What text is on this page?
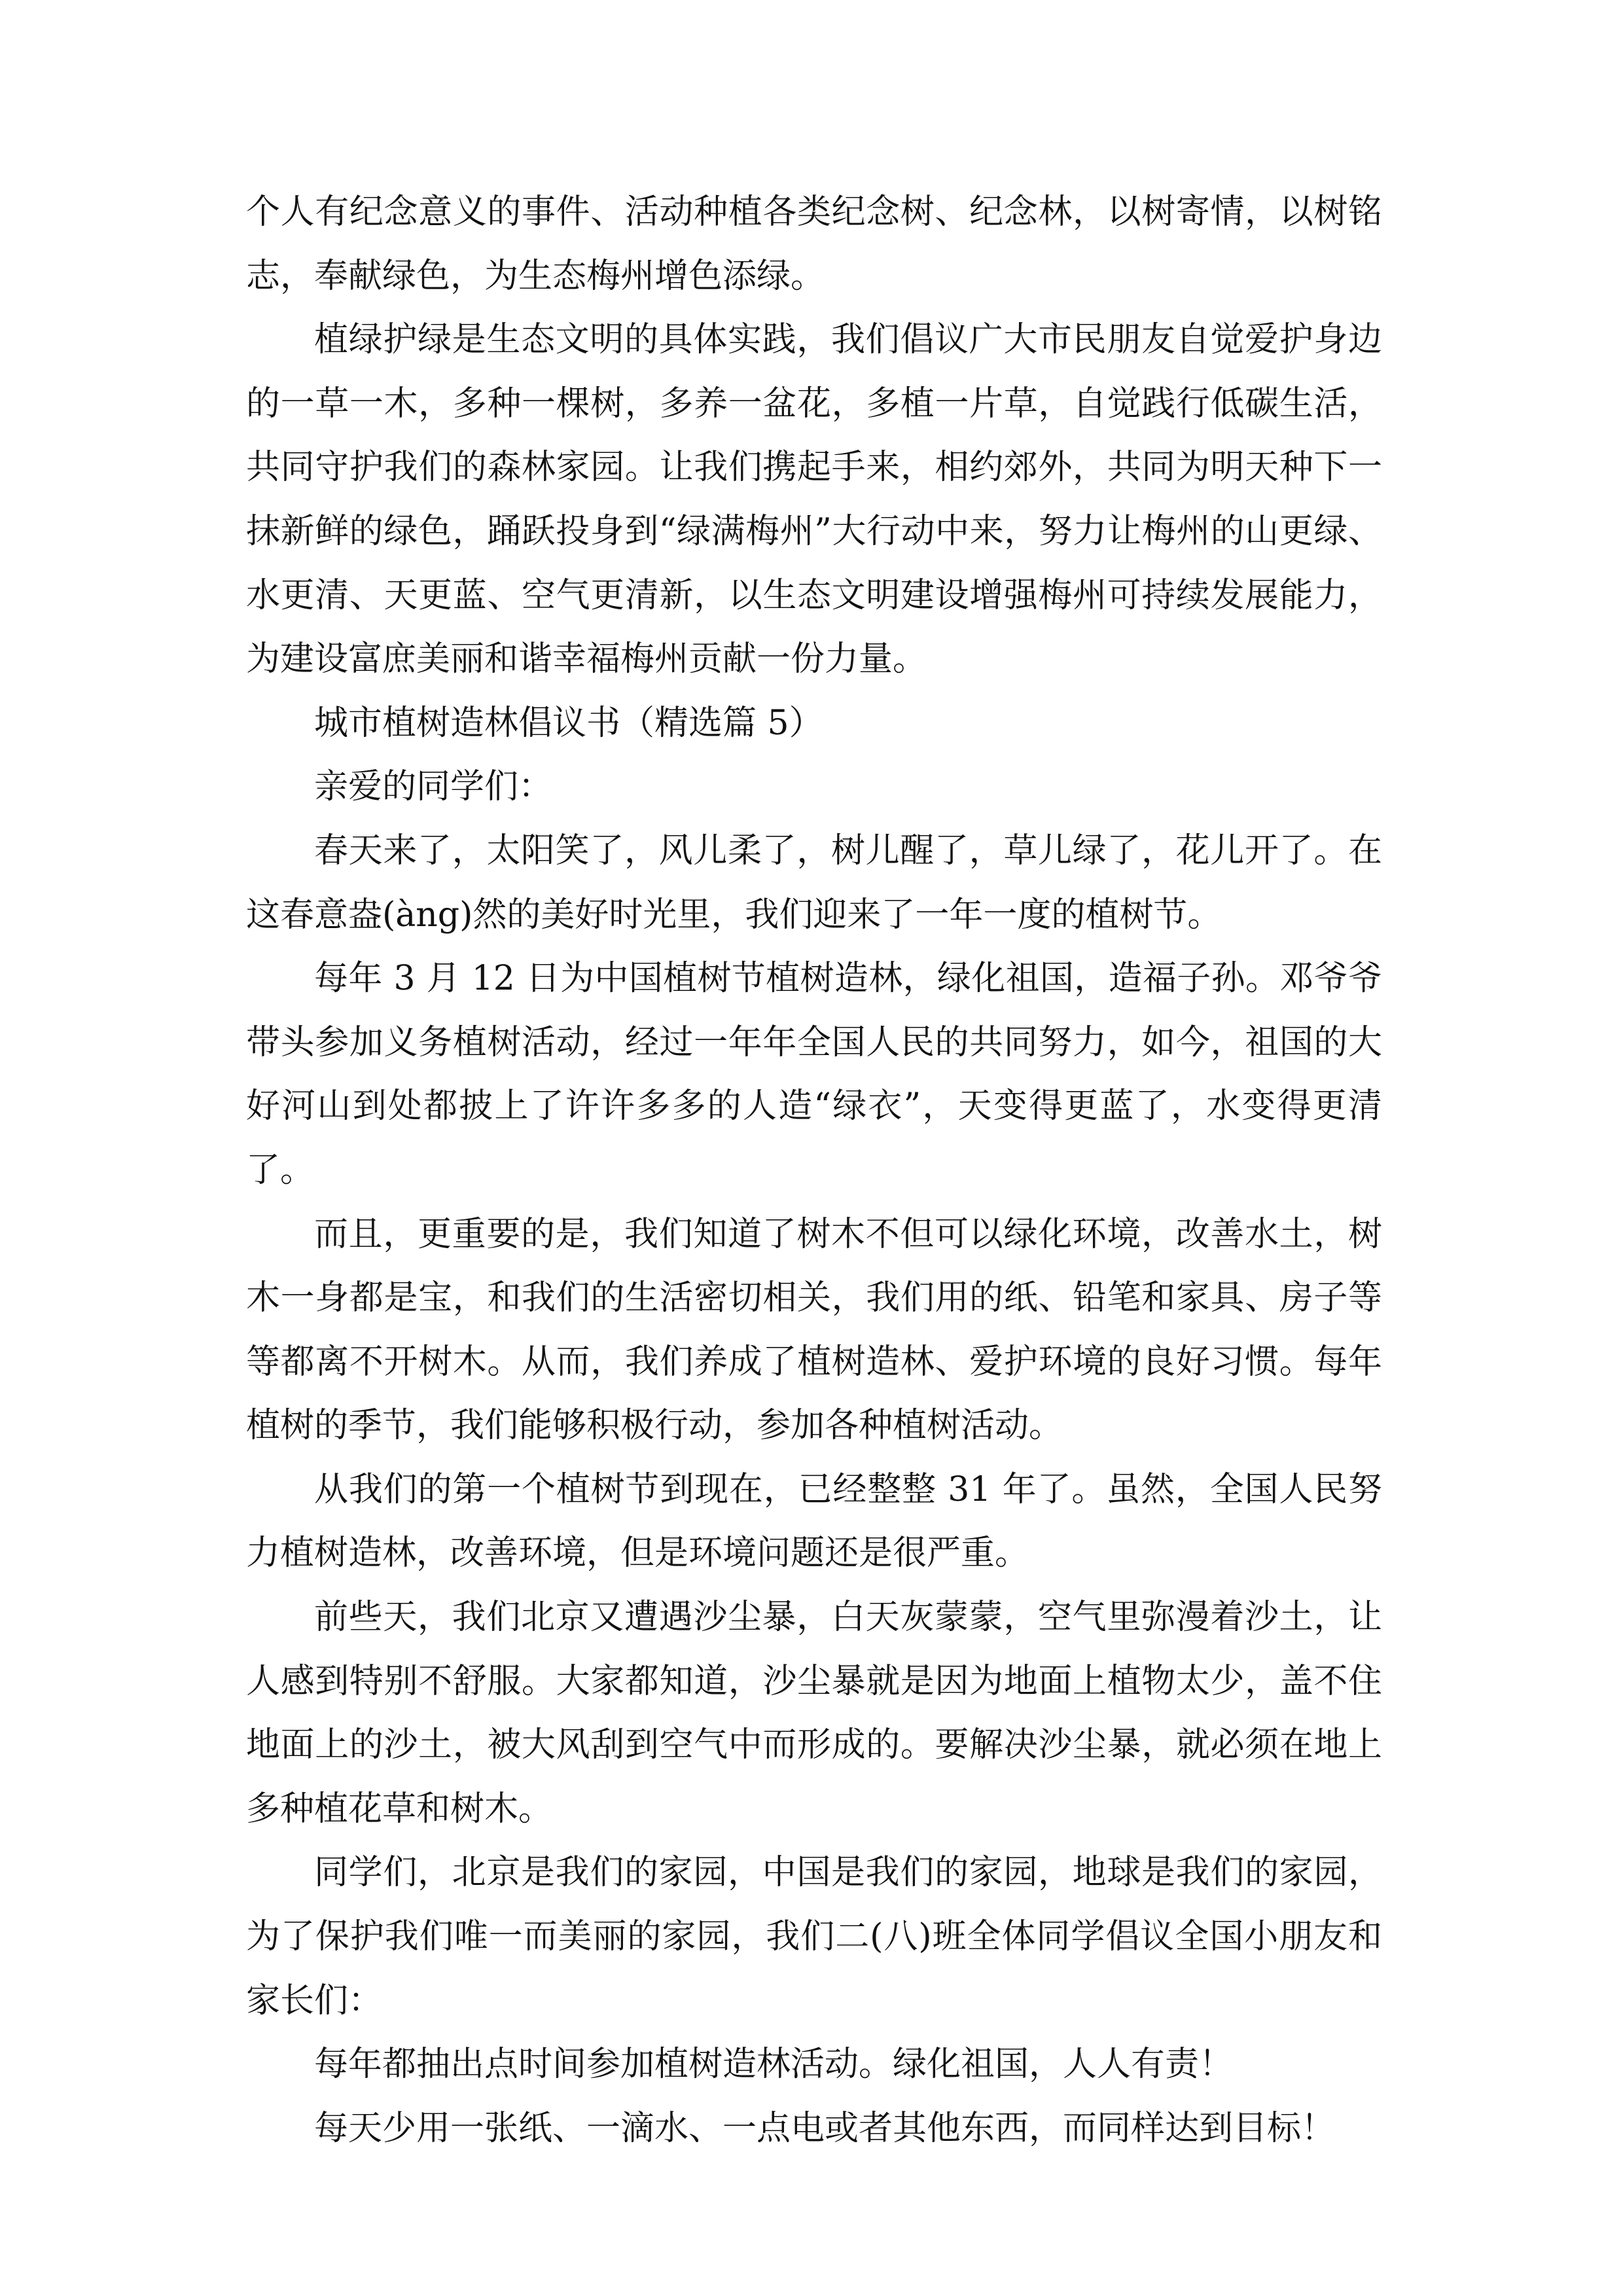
个人有纪念意义的事件、活动种植各类纪念树、纪念林，以树寄情，以树铭志，奉献绿色，为生态梅州增色添绿。

植绿护绿是生态文明的具体实践，我们倡议广大市民朋友自觉爱护身边的一草一木，多种一棵树，多养一盆花，多植一片草，自觉践行低碳生活，共同守护我们的森林家园。让我们携起手来，相约郊外，共同为明天种下一抹新鲜的绿色，踊跃投身到“绿满梅州”大行动中来，努力让梅州的山更绿、水更清、天更蓝、空气更清新，以生态文明建设增强梅州可持续发展能力，为建设富庶美丽和谐幸福梅州贡献一份力量。

城市植树造林倡议书（精选篇 5）

亲爱的同学们：

春天来了，太阳笑了，风儿柔了，树儿醒了，草儿绿了，花儿开了。在这春意盎(àng)然的美好时光里，我们迎来了一年一度的植树节。

每年 3 月 12 日为中国植树节植树造林，绿化祖国，造福子孙。邓爷爷带头参加义务植树活动，经过一年年全国人民的共同努力，如今，祖国的大好河山到处都披上了许许多多的人造“绿衣”，天变得更蓝了，水变得更清了。

而且，更重要的是，我们知道了树木不但可以绿化环境，改善水土，树木一身都是宝，和我们的生活密切相关，我们用的纸、铅笔和家具、房子等等都离不开树木。从而，我们养成了植树造林、爱护环境的良好习惯。每年植树的季节，我们能够积极行动，参加各种植树活动。

从我们的第一个植树节到现在，已经整整 31 年了。虽然，全国人民努力植树造林，改善环境，但是环境问题还是很严重。

前些天，我们北京又遭遇沙尘暴，白天灰蒙蒙，空气里弥漫着沙土，让人感到特别不舒服。大家都知道，沙尘暴就是因为地面上植物太少，盖不住地面上的沙土，被大风刮到空气中而形成的。要解决沙尘暴，就必须在地上多种植花草和树木。

同学们，北京是我们的家园，中国是我们的家园，地球是我们的家园，为了保护我们唯一而美丽的家园，我们二(八)班全体同学倡议全国小朋友和家长们：

每年都抽出点时间参加植树造林活动。绿化祖国，人人有责！

每天少用一张纸、一滴水、一点电或者其他东西，而同样达到目标！
